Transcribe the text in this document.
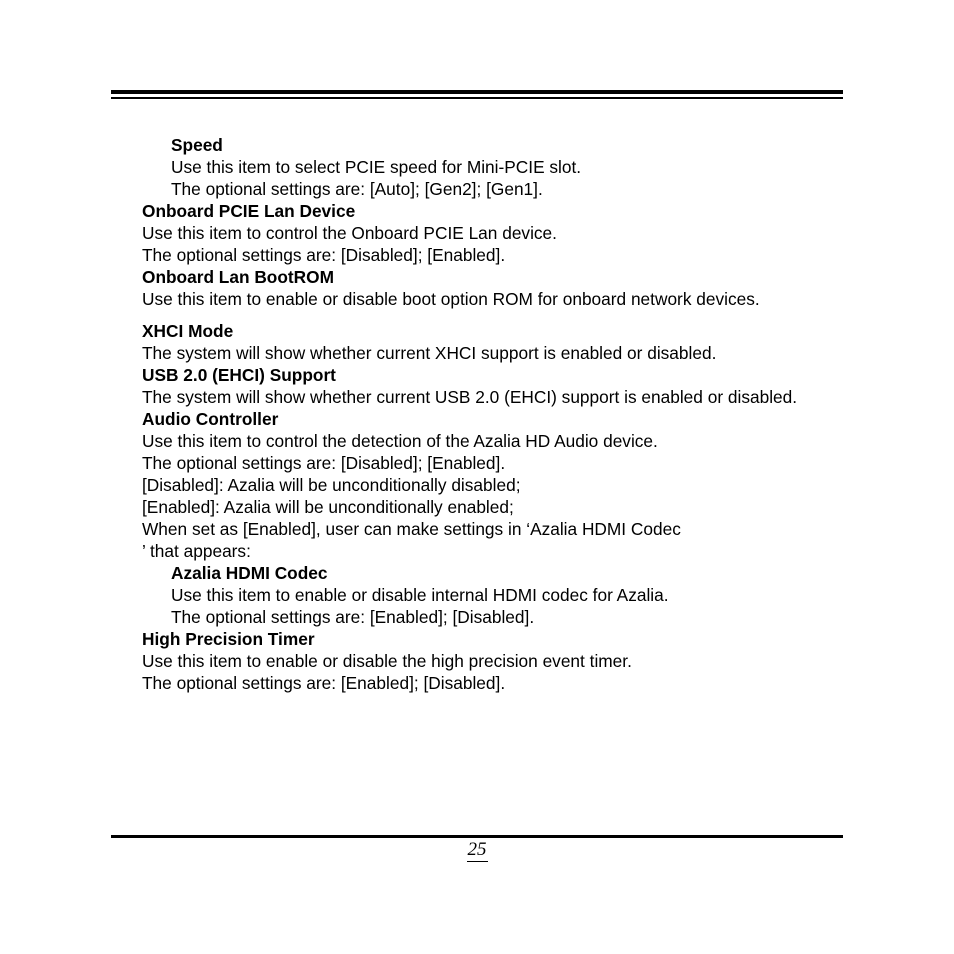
Speed
Use this item to select PCIE speed for Mini-PCIE slot.
The optional settings are: [Auto]; [Gen2]; [Gen1].
Onboard PCIE Lan Device
Use this item to control the Onboard PCIE Lan device.
The optional settings are: [Disabled]; [Enabled].
Onboard Lan BootROM
Use this item to enable or disable boot option ROM for onboard network devices.
XHCI Mode
The system will show whether current XHCI support is enabled or disabled.
USB 2.0 (EHCI) Support
The system will show whether current USB 2.0 (EHCI) support is enabled or disabled.
Audio Controller
Use this item to control the detection of the Azalia HD Audio device.
The optional settings are: [Disabled]; [Enabled].
[Disabled]: Azalia will be unconditionally disabled;
[Enabled]: Azalia will be unconditionally enabled;
When set as [Enabled], user can make settings in ‘Azalia HDMI Codec
’ that appears:
Azalia HDMI Codec
Use this item to enable or disable internal HDMI codec for Azalia.
The optional settings are: [Enabled]; [Disabled].
High Precision Timer
Use this item to enable or disable the high precision event timer.
The optional settings are: [Enabled]; [Disabled].
25
